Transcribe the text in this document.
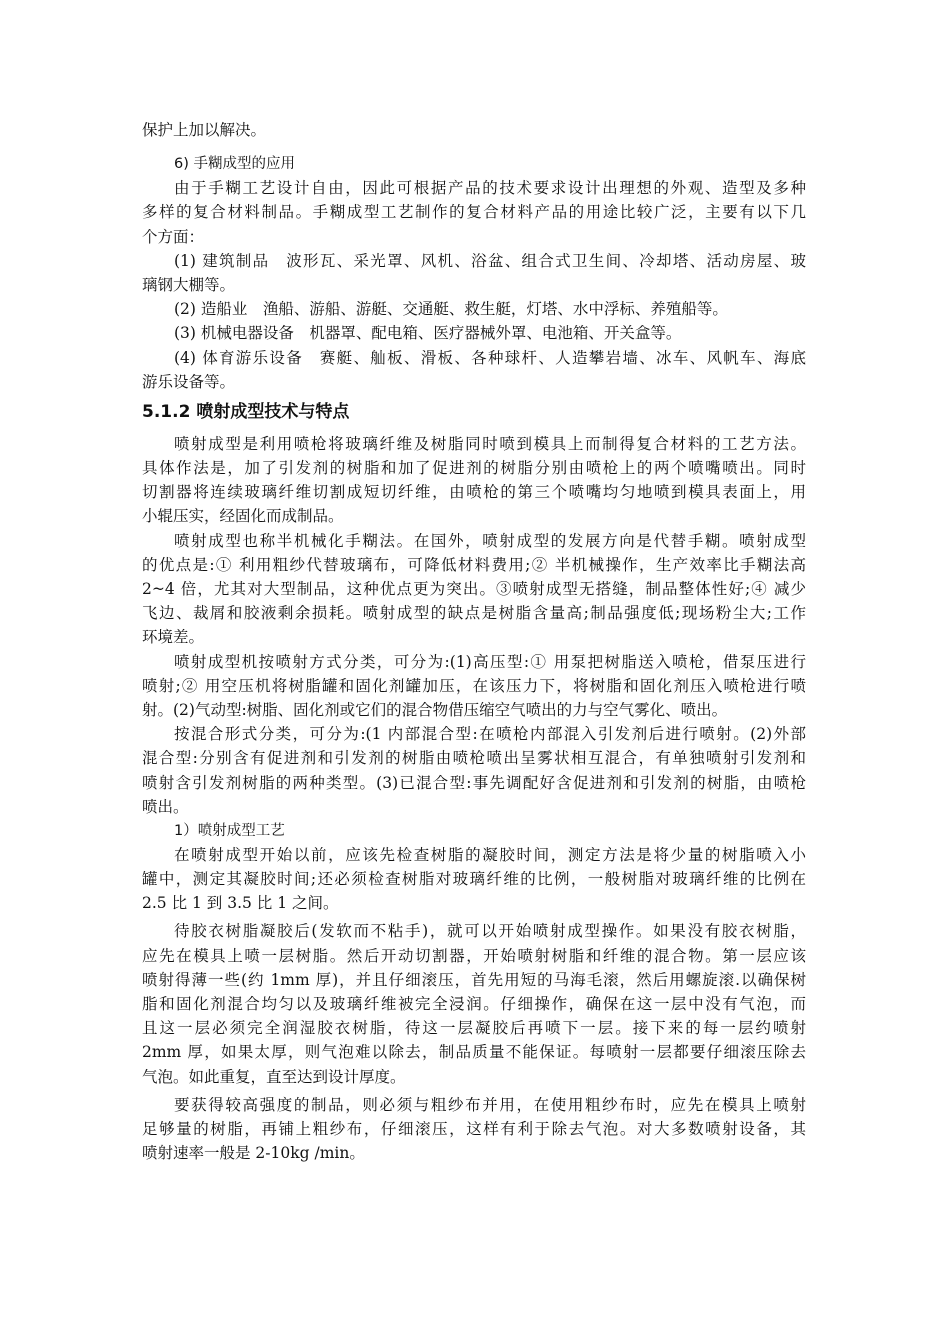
保护上加以解决。
6) 手糊成型的应用
由于手糊工艺设计自由，因此可根据产品的技术要求设计出理想的外观、造型及多种
多样的复合材料制品。手糊成型工艺制作的复合材料产品的用途比较广泛，主要有以下几
个方面：
(1) 建筑制品　波形瓦、采光罩、风机、浴盆、组合式卫生间、冷却塔、活动房屋、玻
璃钢大棚等。
(2) 造船业　渔船、游船、游艇、交通艇、救生艇，灯塔、水中浮标、养殖船等。
(3) 机械电器设备　机器罩、配电箱、医疗器械外罩、电池箱、开关盒等。
(4) 体育游乐设备　赛艇、舢板、滑板、各种球杆、人造攀岩墙、冰车、风帆车、海底
游乐设备等。
5.1.2 喷射成型技术与特点
喷射成型是利用喷枪将玻璃纤维及树脂同时喷到模具上而制得复合材料的工艺方法。
具体作法是，加了引发剂的树脂和加了促进剂的树脂分别由喷枪上的两个喷嘴喷出。同时
切割器将连续玻璃纤维切割成短切纤维，由喷枪的第三个喷嘴均匀地喷到模具表面上，用
小辊压实，经固化而成制品。
喷射成型也称半机械化手糊法。在国外，喷射成型的发展方向是代替手糊。喷射成型
的优点是:① 利用粗纱代替玻璃布，可降低材料费用;② 半机械操作，生产效率比手糊法高
2~4 倍，尤其对大型制品，这种优点更为突出。③喷射成型无搭缝，制品整体性好;④ 减少
飞边、裁屑和胶液剩余损耗。喷射成型的缺点是树脂含量高;制品强度低;现场粉尘大;工作
环境差。
喷射成型机按喷射方式分类，可分为:(1)高压型:① 用泵把树脂送入喷枪，借泵压进行
喷射;② 用空压机将树脂罐和固化剂罐加压，在该压力下，将树脂和固化剂压入喷枪进行喷
射。(2)气动型:树脂、固化剂或它们的混合物借压缩空气喷出的力与空气雾化、喷出。
按混合形式分类，可分为:(1 内部混合型:在喷枪内部混入引发剂后进行喷射。(2)外部
混合型:分别含有促进剂和引发剂的树脂由喷枪喷出呈雾状相互混合，有单独喷射引发剂和
喷射含引发剂树脂的两种类型。(3)已混合型:事先调配好含促进剂和引发剂的树脂，由喷枪
喷出。
1）喷射成型工艺
在喷射成型开始以前，应该先检查树脂的凝胶时间，测定方法是将少量的树脂喷入小
罐中，测定其凝胶时间;还必须检查树脂对玻璃纤维的比例，一般树脂对玻璃纤维的比例在
2.5 比 1 到 3.5 比 1 之间。
待胶衣树脂凝胶后(发软而不粘手)，就可以开始喷射成型操作。如果没有胶衣树脂，
应先在模具上喷一层树脂。然后开动切割器，开始喷射树脂和纤维的混合物。第一层应该
喷射得薄一些(约 1mm 厚)，并且仔细滚压，首先用短的马海毛滚，然后用螺旋滚.以确保树
脂和固化剂混合均匀以及玻璃纤维被完全浸润。仔细操作，确保在这一层中没有气泡，而
且这一层必须完全润湿胶衣树脂，待这一层凝胶后再喷下一层。接下来的每一层约喷射
2mm 厚，如果太厚，则气泡难以除去，制品质量不能保证。每喷射一层都要仔细滚压除去
气泡。如此重复，直至达到设计厚度。
要获得较高强度的制品，则必须与粗纱布并用，在使用粗纱布时，应先在模具上喷射
足够量的树脂，再铺上粗纱布，仔细滚压，这样有利于除去气泡。对大多数喷射设备，其
喷射速率一般是 2-10kg /min。
